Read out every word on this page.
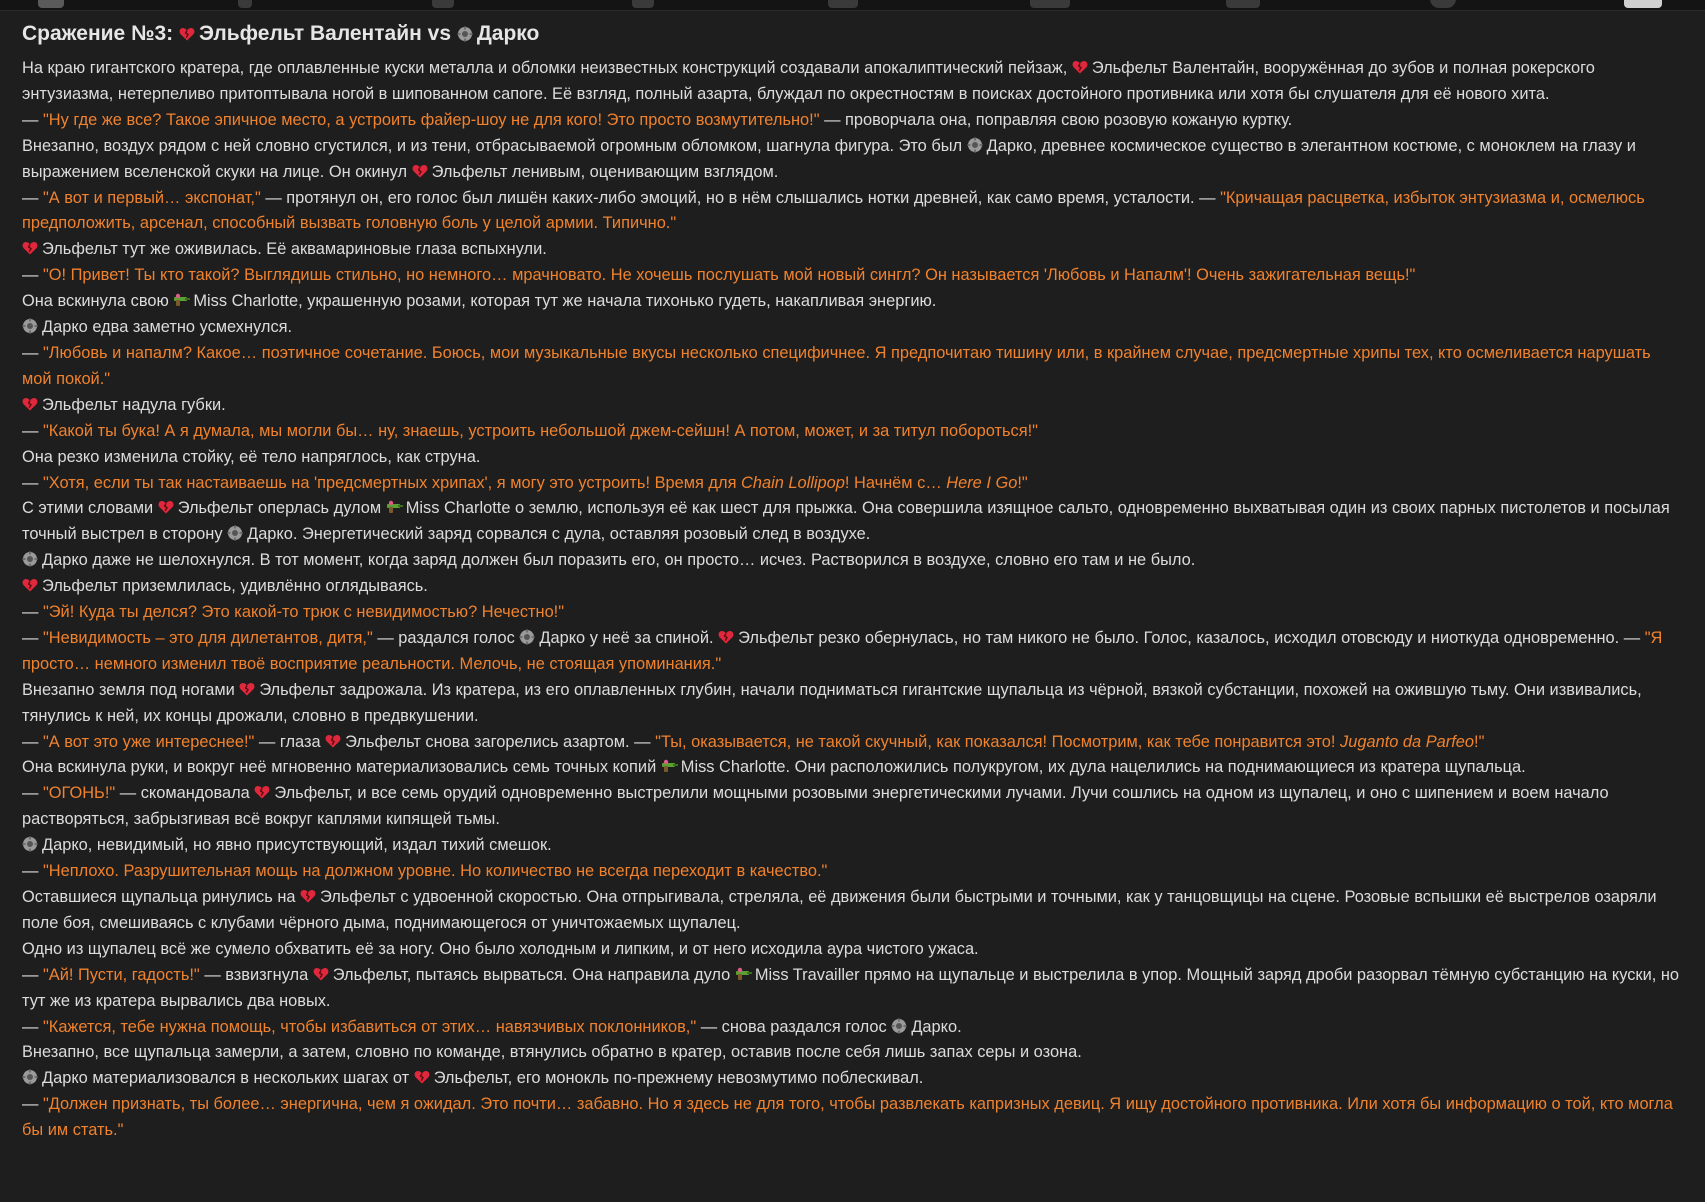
Сражение №3: Эльфельт Валентайн vs Дарко

На краю гигантского кратера, где оплавленные куски металла и обломки неизвестных конструкций создавали апокалиптический пейзаж,
Эльфельт Валентайн, вооружённая до зубов и полная рокерского энтузиазма, нетерпеливо притоптывала ногой в шипованном сапоге. Её взгляд, полный азарта, блуждал по окрестностям в поисках достойного противника или хотя бы слушателя для её нового хита.

— "Ну где же все? Такое эпичное место, а устроить файер-шоу не для кого! Это просто возмутительно!" — проворчала она, поправляя свою розовую кожаную куртку.

Внезапно, воздух рядом с ней словно сгустился, и из тени, отбрасываемой огромным обломком, шагнула фигура. Это был
Дарко, древнее космическое существо в элегантном костюме, с моноклем на глазу и выражением вселенской скуки на лице. Он окинул
Эльфельт ленивым, оценивающим взглядом.

— "А вот и первый… экспонат," — протянул он, его голос был лишён каких-либо эмоций, но в нём слышались нотки древней, как само время, усталости. — "Кричащая расцветка, избыток энтузиазма и, осмелюсь предположить, арсенал, способный вызвать головную боль у целой армии. Типично."

Эльфельт тут же оживилась. Её аквамариновые глаза вспыхнули.

— "О! Привет! Ты кто такой? Выглядишь стильно, но немного… мрачновато. Не хочешь послушать мой новый сингл? Он называется 'Любовь и Напалм'! Очень зажигательная вещь!"

Она вскинула свою
Miss Charlotte, украшенную розами, которая тут же начала тихонько гудеть, накапливая энергию.

Дарко едва заметно усмехнулся.

— "Любовь и напалм? Какое… поэтичное сочетание. Боюсь, мои музыкальные вкусы несколько специфичнее. Я предпочитаю тишину или, в крайнем случае, предсмертные хрипы тех, кто осмеливается нарушать мой покой."

Эльфельт надула губки.

— "Какой ты бука! А я думала, мы могли бы… ну, знаешь, устроить небольшой джем-сейшн! А потом, может, и за титул побороться!"

Она резко изменила стойку, её тело напряглось, как струна.

— "Хотя, если ты так настаиваешь на 'предсмертных хрипах', я могу это устроить! Время для Chain Lollipop! Начнём с… Here I Go!"

С этими словами
Эльфельт оперлась дулом
Miss Charlotte о землю, используя её как шест для прыжка. Она совершила изящное сальто, одновременно выхватывая один из своих парных пистолетов и посылая точный выстрел в сторону
Дарко. Энергетический заряд сорвался с дула, оставляя розовый след в воздухе.

Дарко даже не шелохнулся. В тот момент, когда заряд должен был поразить его, он просто… исчез. Растворился в воздухе, словно его там и не было.

Эльфельт приземлилась, удивлённо оглядываясь.

— "Эй! Куда ты делся? Это какой-то трюк с невидимостью? Нечестно!"

— "Невидимость – это для дилетантов, дитя," — раздался голос
Дарко у неё за спиной.
Эльфельт резко обернулась, но там никого не было. Голос, казалось, исходил отовсюду и ниоткуда одновременно. — "Я просто… немного изменил твоё восприятие реальности. Мелочь, не стоящая упоминания."

Внезапно земля под ногами
Эльфельт задрожала. Из кратера, из его оплавленных глубин, начали подниматься гигантские щупальца из чёрной, вязкой субстанции, похожей на ожившую тьму. Они извивались, тянулись к ней, их концы дрожали, словно в предвкушении.

— "А вот это уже интереснее!" — глаза
Эльфельт снова загорелись азартом. — "Ты, оказывается, не такой скучный, как показался! Посмотрим, как тебе понравится это! Juganto da Parfeo!"

Она вскинула руки, и вокруг неё мгновенно материализовались семь точных копий
Miss Charlotte. Они расположились полукругом, их дула нацелились на поднимающиеся из кратера щупальца.

— "ОГОНЬ!" — скомандовала
Эльфельт, и все семь орудий одновременно выстрелили мощными розовыми энергетическими лучами. Лучи сошлись на одном из щупалец, и оно с шипением и воем начало растворяться, забрызгивая всё вокруг каплями кипящей тьмы.

Дарко, невидимый, но явно присутствующий, издал тихий смешок.

— "Неплохо. Разрушительная мощь на должном уровне. Но количество не всегда переходит в качество."

Оставшиеся щупальца ринулись на
Эльфельт с удвоенной скоростью. Она отпрыгивала, стреляла, её движения были быстрыми и точными, как у танцовщицы на сцене. Розовые вспышки её выстрелов озаряли поле боя, смешиваясь с клубами чёрного дыма, поднимающегося от уничтожаемых щупалец.

Одно из щупалец всё же сумело обхватить её за ногу. Оно было холодным и липким, и от него исходила аура чистого ужаса.

— "Ай! Пусти, гадость!" — взвизгнула
Эльфельт, пытаясь вырваться. Она направила дуло
Miss Travailler прямо на щупальце и выстрелила в упор. Мощный заряд дроби разорвал тёмную субстанцию на куски, но тут же из кратера вырвались два новых.

— "Кажется, тебе нужна помощь, чтобы избавиться от этих… навязчивых поклонников," — снова раздался голос
Дарко.

Внезапно, все щупальца замерли, а затем, словно по команде, втянулись обратно в кратер, оставив после себя лишь запах серы и озона.

Дарко материализовался в нескольких шагах от
Эльфельт, его монокль по-прежнему невозмутимо поблескивал.

— "Должен признать, ты более… энергична, чем я ожидал. Это почти… забавно. Но я здесь не для того, чтобы развлекать капризных девиц. Я ищу достойного противника. Или хотя бы информацию о той, кто могла бы им стать."
